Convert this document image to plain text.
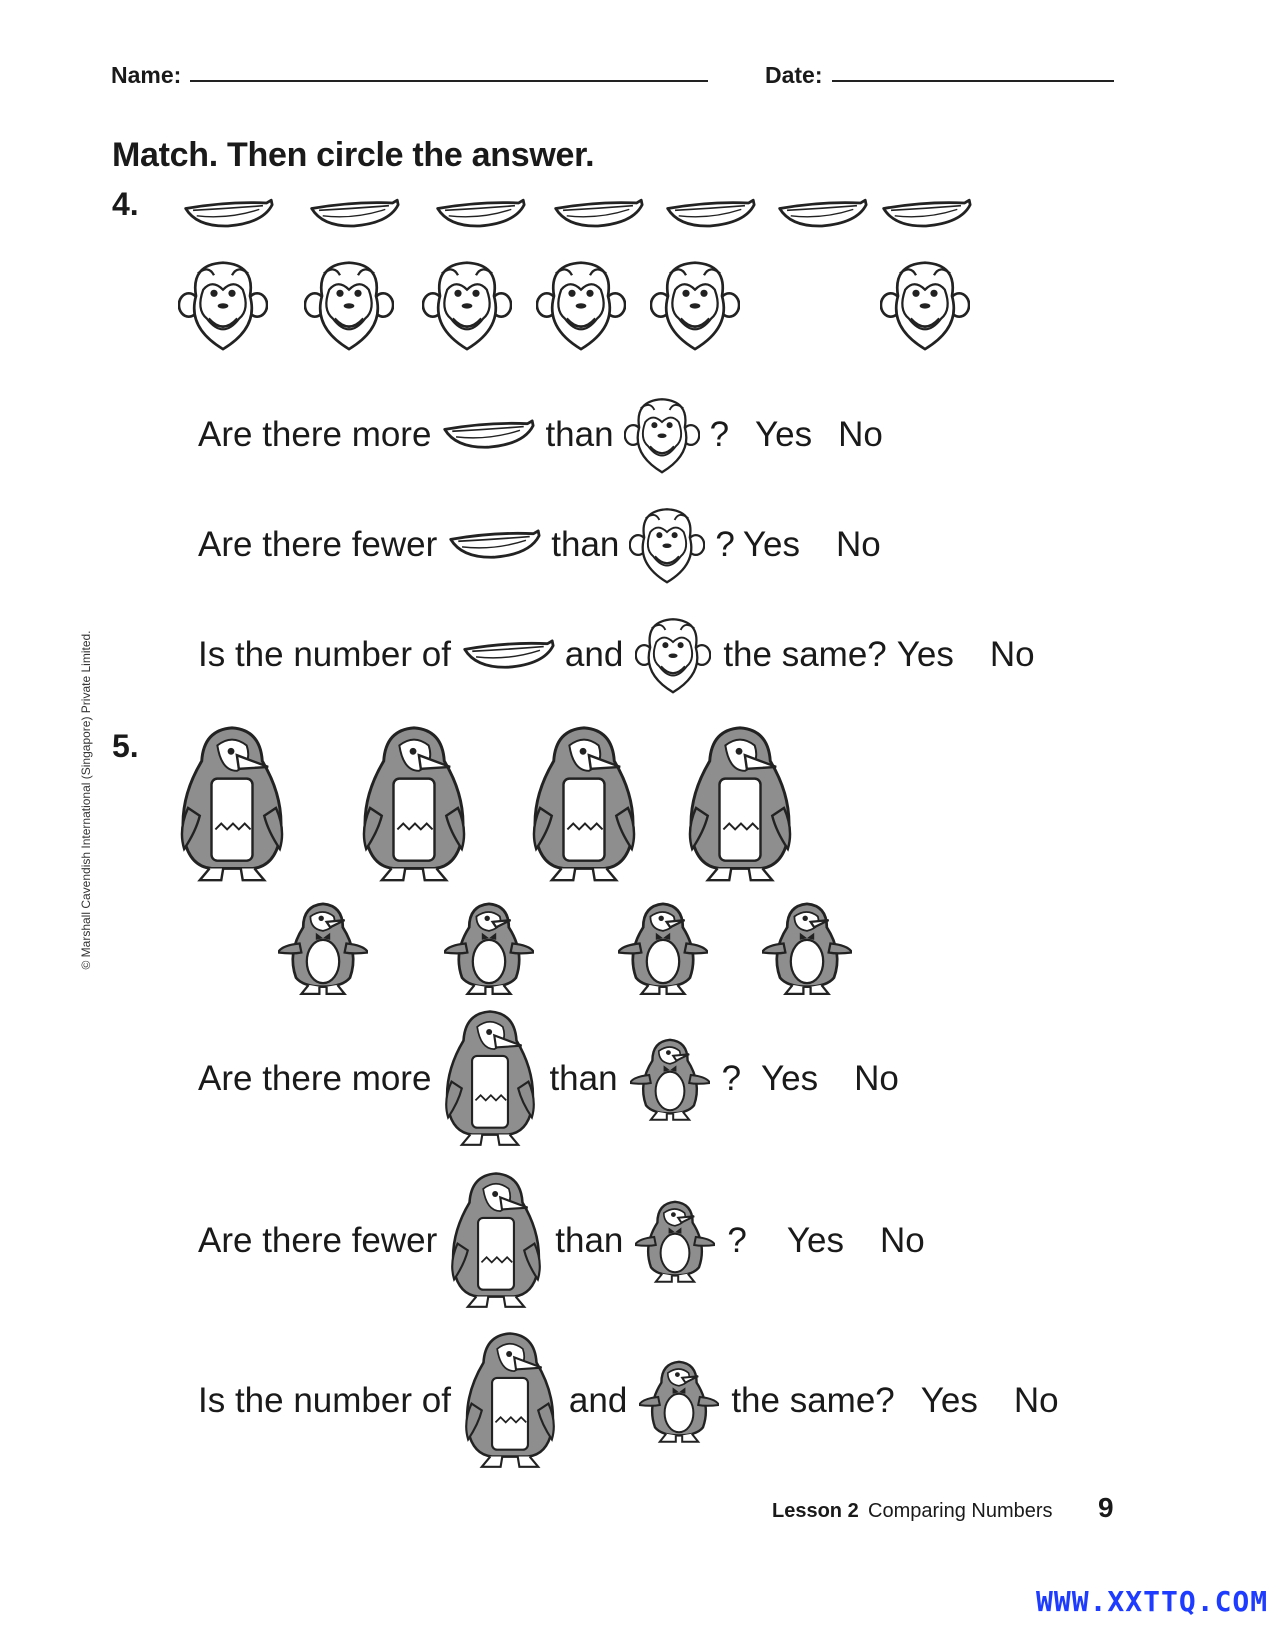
Name:	Date:
Match. Then circle the answer.
4.
Are there more	than	? Yes No
Are there fewer	than	? Yes No
Is the number of	and	the same? Yes No
5.
Are there more	than	? Yes No
Are there fewer	than	? Yes No
Is the number of	and	the same? Yes No
© Marshall Cavendish International (Singapore) Private Limited.
Lesson 2 Comparing Numbers 9
WWW.XXTTQ.COM
